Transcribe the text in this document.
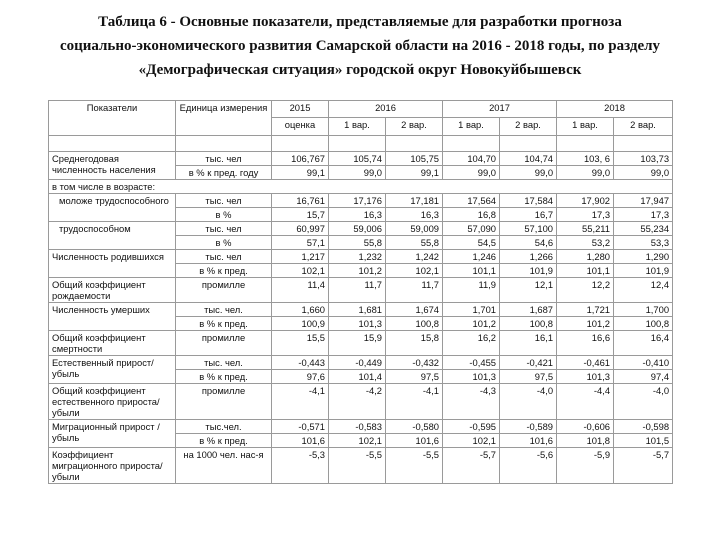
Таблица 6 - Основные показатели, представляемые для разработки прогноза
социально-экономического развития Самарской области на 2016 - 2018 годы, по разделу «Демографическая ситуация» городской округ Новокуйбышевск
Показатели	Единица измерения	2015	2016		2017		2018	
		оценка	1 вар.	2 вар.	1 вар.	2 вар.	1 вар.	2 вар.

Среднегодовая численность населения	тыс. чел	106,767	105,74	105,75	104,70	104,74	103, 6	103,73
	в % к пред. году	99,1	99,0	99,1	99,0	99,0	99,0	99,0
в том числе в возрасте:								
моложе трудоспособного	тыс. чел	16,761	17,176	17,181	17,564	17,584	17,902	17,947
	в %	15,7	16,3	16,3	16,8	16,7	17,3	17,3
трудоспособном	тыс. чел	60,997	59,006	59,009	57,090	57,100	55,211	55,234
	в %	57,1	55,8	55,8	54,5	54,6	53,2	53,3
Численность родившихся	тыс. чел	1,217	1,232	1,242	1,246	1,266	1,280	1,290
	в % к пред.	102,1	101,2	102,1	101,1	101,9	101,1	101,9
Общий коэффициент рождаемости	промилле	11,4	11,7	11,7	11,9	12,1	12,2	12,4
Численность умерших	тыс. чел.	1,660	1,681	1,674	1,701	1,687	1,721	1,700
	в % к пред.	100,9	101,3	100,8	101,2	100,8	101,2	100,8
Общий коэффициент смертности	промилле	15,5	15,9	15,8	16,2	16,1	16,6	16,4
Естественный прирост/убыль	тыс. чел.	-0,443	-0,449	-0,432	-0,455	-0,421	-0,461	-0,410
	в % к пред.	97,6	101,4	97,5	101,3	97,5	101,3	97,4
Общий коэффициент естественного прироста/убыли	промилле	-4,1	-4,2	-4,1	-4,3	-4,0	-4,4	-4,0
Миграционный прирост / убыль	тыс.чел.	-0,571	-0,583	-0,580	-0,595	-0,589	-0,606	-0,598
	в % к пред.	101,6	102,1	101,6	102,1	101,6	101,8	101,5
Коэффициент миграционного прироста/убыли	на 1000 чел. нас-я	-5,3	-5,5	-5,5	-5,7	-5,6	-5,9	-5,7
